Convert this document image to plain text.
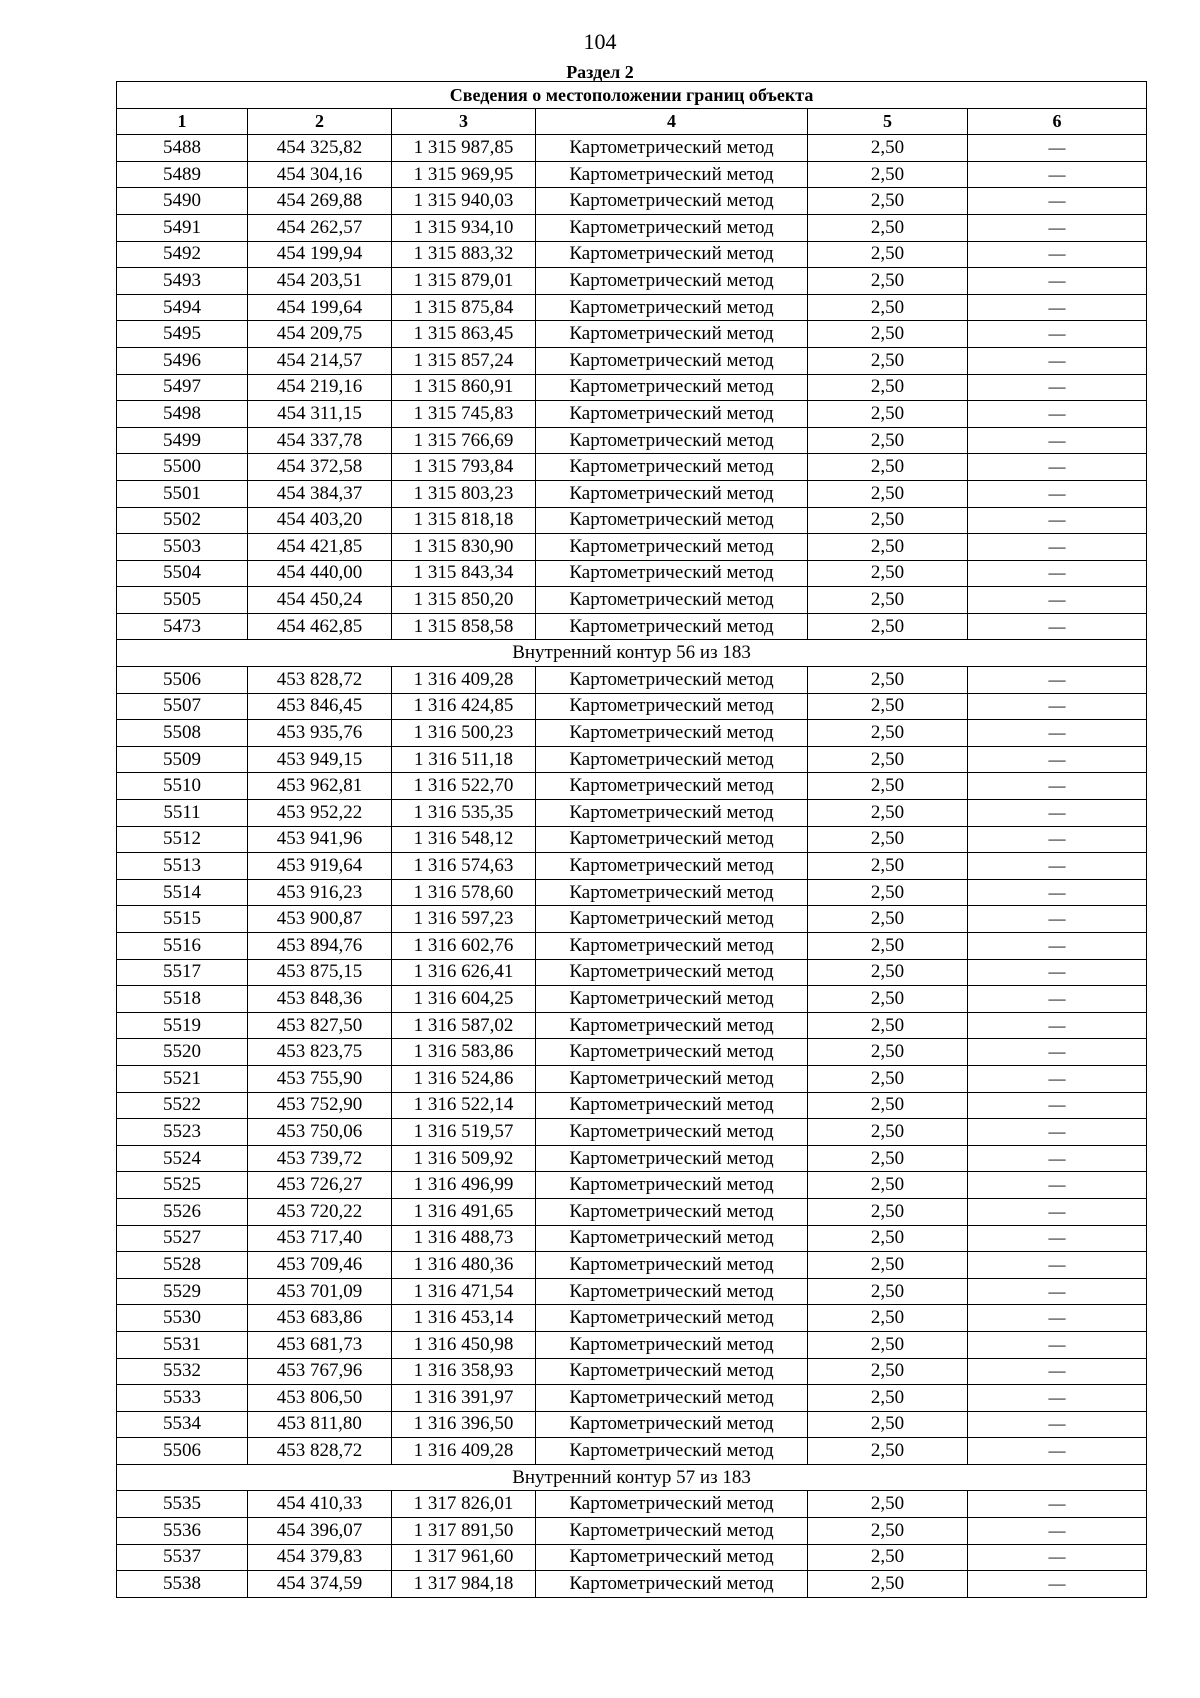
104
Раздел 2
Сведения о местоположении границ объекта					
1	2	3	4	5	6
5488	454 325,82	1 315 987,85	Картометрический метод	2,50	—
5489	454 304,16	1 315 969,95	Картометрический метод	2,50	—
5490	454 269,88	1 315 940,03	Картометрический метод	2,50	—
5491	454 262,57	1 315 934,10	Картометрический метод	2,50	—
5492	454 199,94	1 315 883,32	Картометрический метод	2,50	—
5493	454 203,51	1 315 879,01	Картометрический метод	2,50	—
5494	454 199,64	1 315 875,84	Картометрический метод	2,50	—
5495	454 209,75	1 315 863,45	Картометрический метод	2,50	—
5496	454 214,57	1 315 857,24	Картометрический метод	2,50	—
5497	454 219,16	1 315 860,91	Картометрический метод	2,50	—
5498	454 311,15	1 315 745,83	Картометрический метод	2,50	—
5499	454 337,78	1 315 766,69	Картометрический метод	2,50	—
5500	454 372,58	1 315 793,84	Картометрический метод	2,50	—
5501	454 384,37	1 315 803,23	Картометрический метод	2,50	—
5502	454 403,20	1 315 818,18	Картометрический метод	2,50	—
5503	454 421,85	1 315 830,90	Картометрический метод	2,50	—
5504	454 440,00	1 315 843,34	Картометрический метод	2,50	—
5505	454 450,24	1 315 850,20	Картометрический метод	2,50	—
5473	454 462,85	1 315 858,58	Картометрический метод	2,50	—
Внутренний контур 56 из 183					
5506	453 828,72	1 316 409,28	Картометрический метод	2,50	—
5507	453 846,45	1 316 424,85	Картометрический метод	2,50	—
5508	453 935,76	1 316 500,23	Картометрический метод	2,50	—
5509	453 949,15	1 316 511,18	Картометрический метод	2,50	—
5510	453 962,81	1 316 522,70	Картометрический метод	2,50	—
5511	453 952,22	1 316 535,35	Картометрический метод	2,50	—
5512	453 941,96	1 316 548,12	Картометрический метод	2,50	—
5513	453 919,64	1 316 574,63	Картометрический метод	2,50	—
5514	453 916,23	1 316 578,60	Картометрический метод	2,50	—
5515	453 900,87	1 316 597,23	Картометрический метод	2,50	—
5516	453 894,76	1 316 602,76	Картометрический метод	2,50	—
5517	453 875,15	1 316 626,41	Картометрический метод	2,50	—
5518	453 848,36	1 316 604,25	Картометрический метод	2,50	—
5519	453 827,50	1 316 587,02	Картометрический метод	2,50	—
5520	453 823,75	1 316 583,86	Картометрический метод	2,50	—
5521	453 755,90	1 316 524,86	Картометрический метод	2,50	—
5522	453 752,90	1 316 522,14	Картометрический метод	2,50	—
5523	453 750,06	1 316 519,57	Картометрический метод	2,50	—
5524	453 739,72	1 316 509,92	Картометрический метод	2,50	—
5525	453 726,27	1 316 496,99	Картометрический метод	2,50	—
5526	453 720,22	1 316 491,65	Картометрический метод	2,50	—
5527	453 717,40	1 316 488,73	Картометрический метод	2,50	—
5528	453 709,46	1 316 480,36	Картометрический метод	2,50	—
5529	453 701,09	1 316 471,54	Картометрический метод	2,50	—
5530	453 683,86	1 316 453,14	Картометрический метод	2,50	—
5531	453 681,73	1 316 450,98	Картометрический метод	2,50	—
5532	453 767,96	1 316 358,93	Картометрический метод	2,50	—
5533	453 806,50	1 316 391,97	Картометрический метод	2,50	—
5534	453 811,80	1 316 396,50	Картометрический метод	2,50	—
5506	453 828,72	1 316 409,28	Картометрический метод	2,50	—
Внутренний контур 57 из 183					
5535	454 410,33	1 317 826,01	Картометрический метод	2,50	—
5536	454 396,07	1 317 891,50	Картометрический метод	2,50	—
5537	454 379,83	1 317 961,60	Картометрический метод	2,50	—
5538	454 374,59	1 317 984,18	Картометрический метод	2,50	—
